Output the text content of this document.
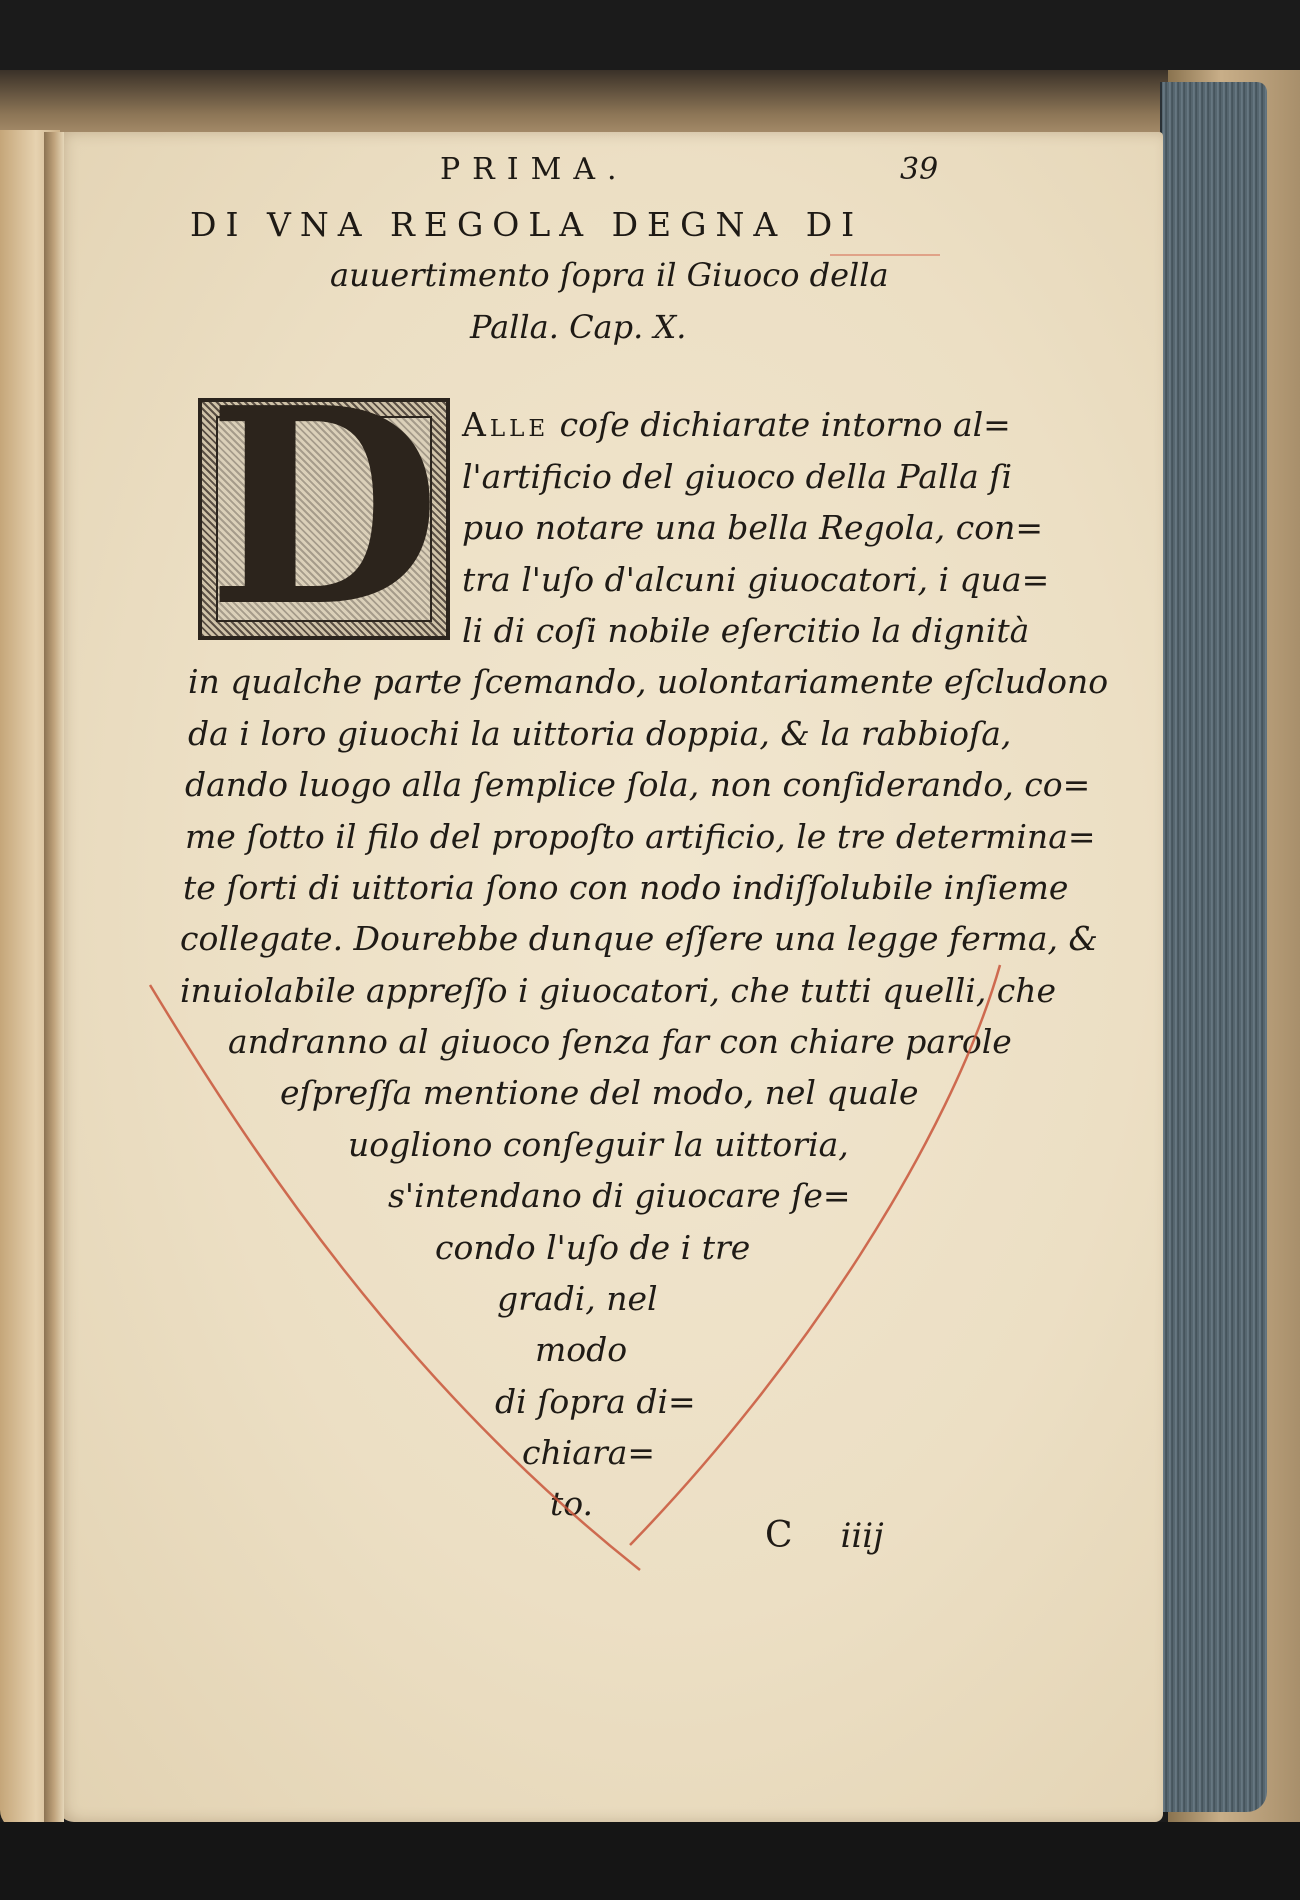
PRIMA.	39
DI VNA REGOLA DEGNA DI
auuertimento ſopra il Giuoco della
Palla. Cap. X.
D Alle coſe dichiarate intorno al=
l'artificio del giuoco della Palla ſi
puo notare una bella Regola, con=
tra l'uſo d'alcuni giuocatori, i qua=
li di coſi nobile eſercitio la dignità
in qualche parte ſcemando, uolontariamente eſcludono
da i loro giuochi la uittoria doppia, & la rabbioſa,
dando luogo alla ſemplice ſola, non conſiderando, co=
me ſotto il filo del propoſto artificio, le tre determina=
te ſorti di uittoria ſono con nodo indiſſolubile inſieme
collegate. Dourebbe dunque eſſere una legge ferma, &
inuiolabile appreſſo i giuocatori, che tutti quelli, che
andranno al giuoco ſenza far con chiare parole
eſpreſſa mentione del modo, nel quale
uogliono conſeguir la uittoria,
s'intendano di giuocare ſe=
condo l'uſo de i tre
gradi, nel
modo
di ſopra di=
chiara=
to.
C iiij
